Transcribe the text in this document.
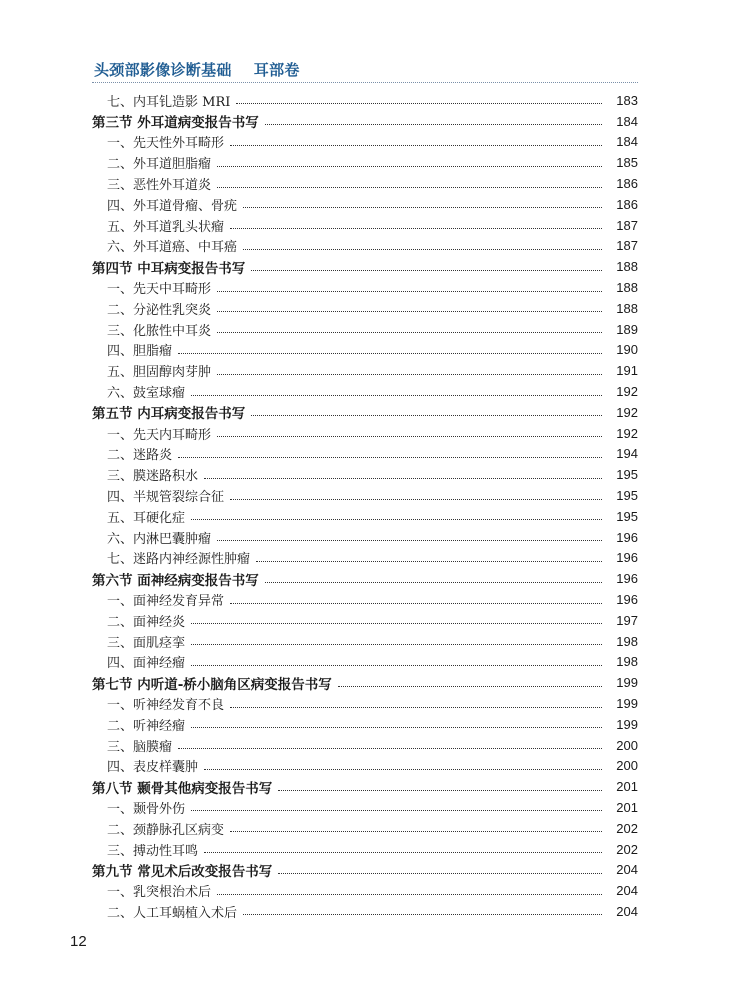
头颈部影像诊断基础    耳部卷
七、内耳钆造影 MRI	183
第三节 外耳道病变报告书写	184
一、先天性外耳畸形	184
二、外耳道胆脂瘤	185
三、恶性外耳道炎	186
四、外耳道骨瘤、骨疣	186
五、外耳道乳头状瘤	187
六、外耳道癌、中耳癌	187
第四节 中耳病变报告书写	188
一、先天中耳畸形	188
二、分泌性乳突炎	188
三、化脓性中耳炎	189
四、胆脂瘤	190
五、胆固醇肉芽肿	191
六、鼓室球瘤	192
第五节 内耳病变报告书写	192
一、先天内耳畸形	192
二、迷路炎	194
三、膜迷路积水	195
四、半规管裂综合征	195
五、耳硬化症	195
六、内淋巴囊肿瘤	196
七、迷路内神经源性肿瘤	196
第六节 面神经病变报告书写	196
一、面神经发育异常	196
二、面神经炎	197
三、面肌痉挛	198
四、面神经瘤	198
第七节 内听道-桥小脑角区病变报告书写	199
一、听神经发育不良	199
二、听神经瘤	199
三、脑膜瘤	200
四、表皮样囊肿	200
第八节 颞骨其他病变报告书写	201
一、颞骨外伤	201
二、颈静脉孔区病变	202
三、搏动性耳鸣	202
第九节 常见术后改变报告书写	204
一、乳突根治术后	204
二、人工耳蜗植入术后	204
12
